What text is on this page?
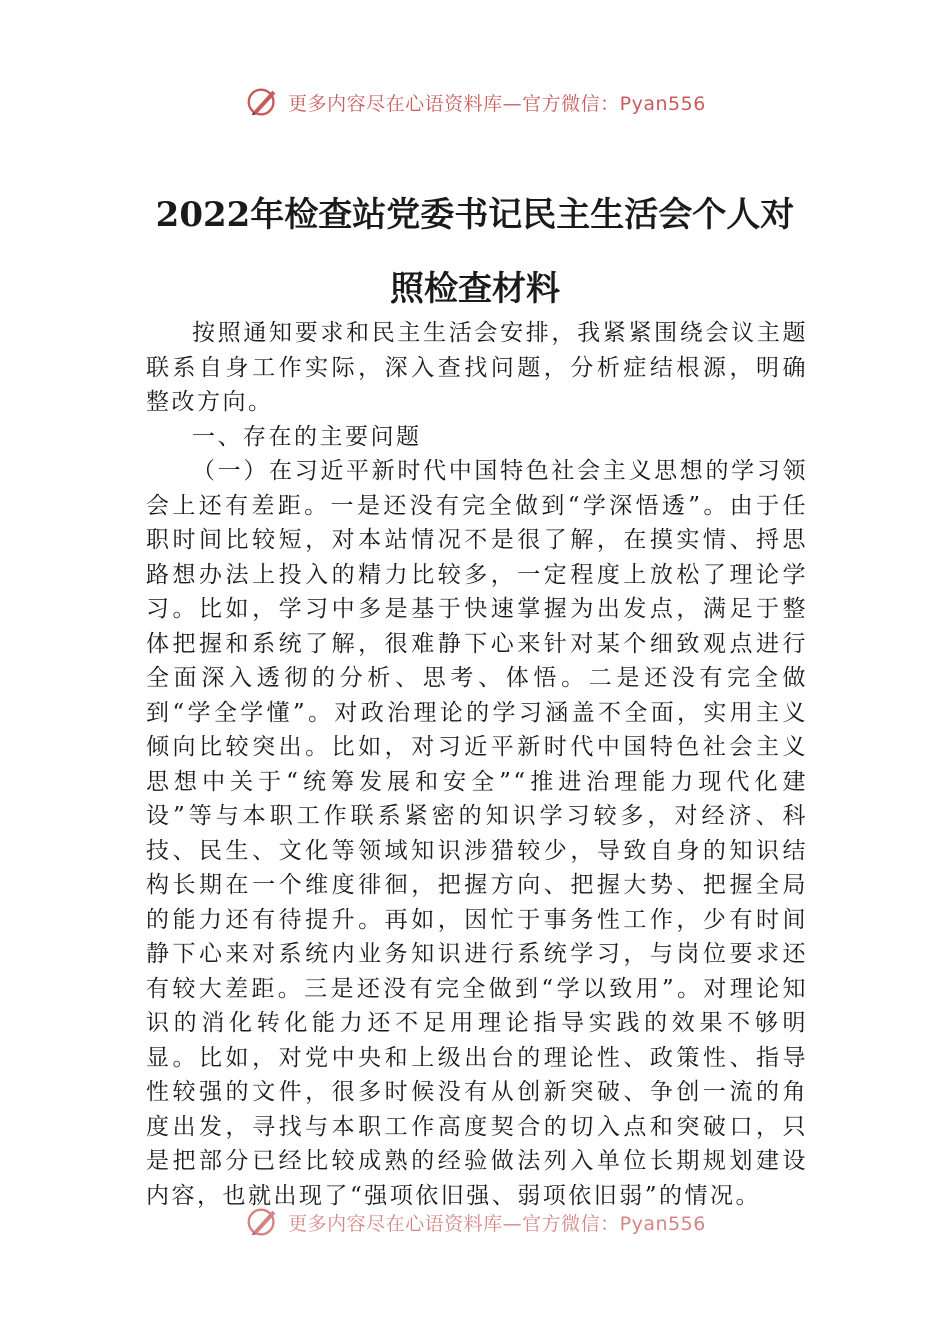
更多内容尽在心语资料库—官方微信：Pyan556
2022年检查站党委书记民主生活会个人对
照检查材料

按照通知要求和民主生活会安排，我紧紧围绕会议主题联系自身工作实际，深入查找问题，分析症结根源，明确整改方向。

一、存在的主要问题

（一）在习近平新时代中国特色社会主义思想的学习领会上还有差距。一是还没有完全做到“学深悟透”。由于任职时间比较短，对本站情况不是很了解，在摸实情、捋思路想办法上投入的精力比较多，一定程度上放松了理论学习。比如，学习中多是基于快速掌握为出发点，满足于整体把握和系统了解，很难静下心来针对某个细致观点进行全面深入透彻的分析、思考、体悟。二是还没有完全做到“学全学懂”。对政治理论的学习涵盖不全面，实用主义倾向比较突出。比如，对习近平新时代中国特色社会主义思想中关于“统筹发展和安全”“推进治理能力现代化建设”等与本职工作联系紧密的知识学习较多，对经济、科技、民生、文化等领域知识涉猎较少，导致自身的知识结构长期在一个维度徘徊，把握方向、把握大势、把握全局的能力还有待提升。再如，因忙于事务性工作，少有时间静下心来对系统内业务知识进行系统学习，与岗位要求还有较大差距。三是还没有完全做到“学以致用”。对理论知识的消化转化能力还不足用理论指导实践的效果不够明显。比如，对党中央和上级出台的理论性、政策性、指导性较强的文件，很多时候没有从创新突破、争创一流的角度出发，寻找与本职工作高度契合的切入点和突破口，只是把部分已经比较成熟的经验做法列入单位长期规划建设内容，也就出现了“强项依旧强、弱项依旧弱”的情况。

更多内容尽在心语资料库—官方微信：Pyan556
